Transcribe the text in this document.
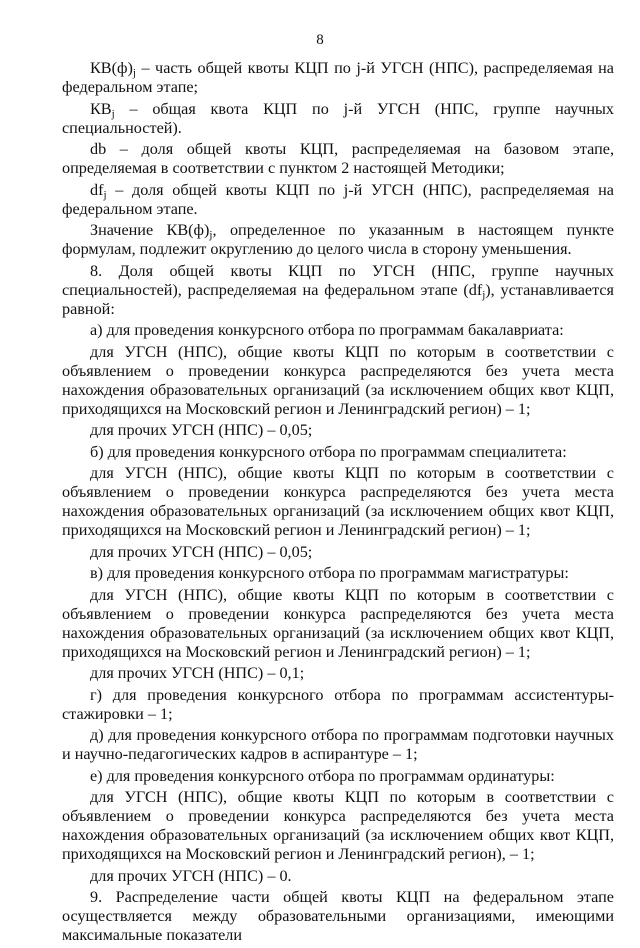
8

$КВ(ф)_j$ – часть общей квоты КЦП по j-й УГСН (НПС), распределяемая на федеральном этапе;

$КВ_j$ – общая квота КЦП по j-й УГСН (НПС, группе научных специальностей).

db – доля общей квоты КЦП, распределяемая на базовом этапе, определяемая в соответствии с пунктом 2 настоящей Методики;

$df_j$ – доля общей квоты КЦП по j-й УГСН (НПС), распределяемая на федеральном этапе.

Значение $КВ(ф)_j$, определенное по указанным в настоящем пункте формулам, подлежит округлению до целого числа в сторону уменьшения.

8. Доля общей квоты КЦП по УГСН (НПС, группе научных специальностей), распределяемая на федеральном этапе $(df_j)$, устанавливается равной:

а) для проведения конкурсного отбора по программам бакалавриата:

для УГСН (НПС), общие квоты КЦП по которым в соответствии с объявлением о проведении конкурса распределяются без учета места нахождения образовательных организаций (за исключением общих квот КЦП, приходящихся на Московский регион и Ленинградский регион) – 1;

для прочих УГСН (НПС) – 0,05;

б) для проведения конкурсного отбора по программам специалитета:

для УГСН (НПС), общие квоты КЦП по которым в соответствии с объявлением о проведении конкурса распределяются без учета места нахождения образовательных организаций (за исключением общих квот КЦП, приходящихся на Московский регион и Ленинградский регион) – 1;

для прочих УГСН (НПС) – 0,05;

в) для проведения конкурсного отбора по программам магистратуры:

для УГСН (НПС), общие квоты КЦП по которым в соответствии с объявлением о проведении конкурса распределяются без учета места нахождения образовательных организаций (за исключением общих квот КЦП, приходящихся на Московский регион и Ленинградский регион) – 1;

для прочих УГСН (НПС) – 0,1;

г) для проведения конкурсного отбора по программам ассистентуры-стажировки – 1;

д) для проведения конкурсного отбора по программам подготовки научных и научно-педагогических кадров в аспирантуре – 1;

е) для проведения конкурсного отбора по программам ординатуры:

для УГСН (НПС), общие квоты КЦП по которым в соответствии с объявлением о проведении конкурса распределяются без учета места нахождения образовательных организаций (за исключением общих квот КЦП, приходящихся на Московский регион и Ленинградский регион), – 1;

для прочих УГСН (НПС) – 0.

9. Распределение части общей квоты КЦП на федеральном этапе осуществляется между образовательными организациями, имеющими максимальные показатели
